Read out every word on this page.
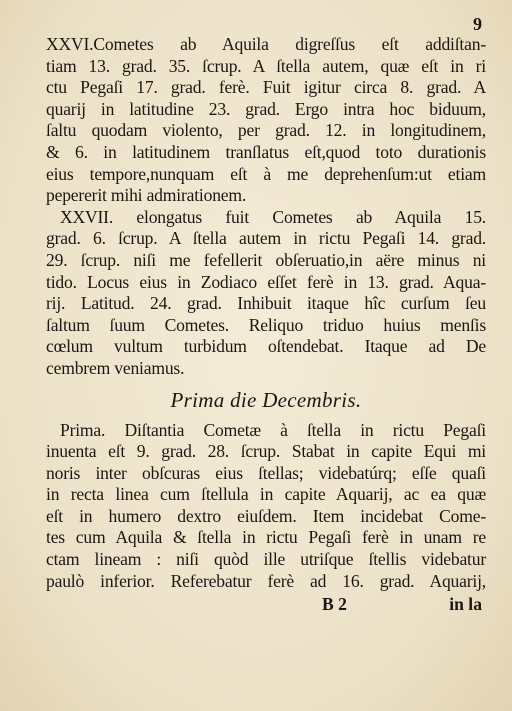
9
XXVI.Cometes ab Aquila digreſſus eſt addiſtan-
tiam 13. grad. 35. ſcrup. A ſtella autem, quæ eſt in ri
ctu Pegaſi 17. grad. ferè. Fuit igitur circa 8. grad. A
quarij in latitudine 23. grad. Ergo intra hoc biduum,
ſaltu quodam violento, per grad. 12. in longitudinem,
& 6. in latitudinem tranſlatus eſt,quod toto durationis
eius tempore,nunquam eſt à me deprehenſum:ut etiam
pepererit mihi admirationem.
XXVII. elongatus fuit Cometes ab Aquila 15.
grad. 6. ſcrup. A ſtella autem in rictu Pegaſi 14. grad.
29. ſcrup. niſi me fefellerit obſeruatio,in aëre minus ni
tido. Locus eius in Zodiaco eſſet ferè in 13. grad. Aqua-
rij. Latitud. 24. grad. Inhibuit itaque hîc curſum ſeu
ſaltum ſuum Cometes. Reliquo triduo huius menſis
cœlum vultum turbidum oſtendebat. Itaque ad De
cembrem veniamus.
Prima die Decembris.
Prima. Diſtantia Cometæ à ſtella in rictu Pegaſi
inuenta eſt 9. grad. 28. ſcrup. Stabat in capite Equi mi
noris inter obſcuras eius ſtellas; videbatúrq; eſſe quaſi
in recta linea cum ſtellula in capite Aquarij, ac ea quæ
eſt in humero dextro eiuſdem. Item incidebat Come-
tes cum Aquila & ſtella in rictu Pegaſi ferè in unam re
ctam lineam : niſi quòd ille utriſque ſtellis videbatur
paulò inferior. Referebatur ferè ad 16. grad. Aquarij,
B 2	in la
